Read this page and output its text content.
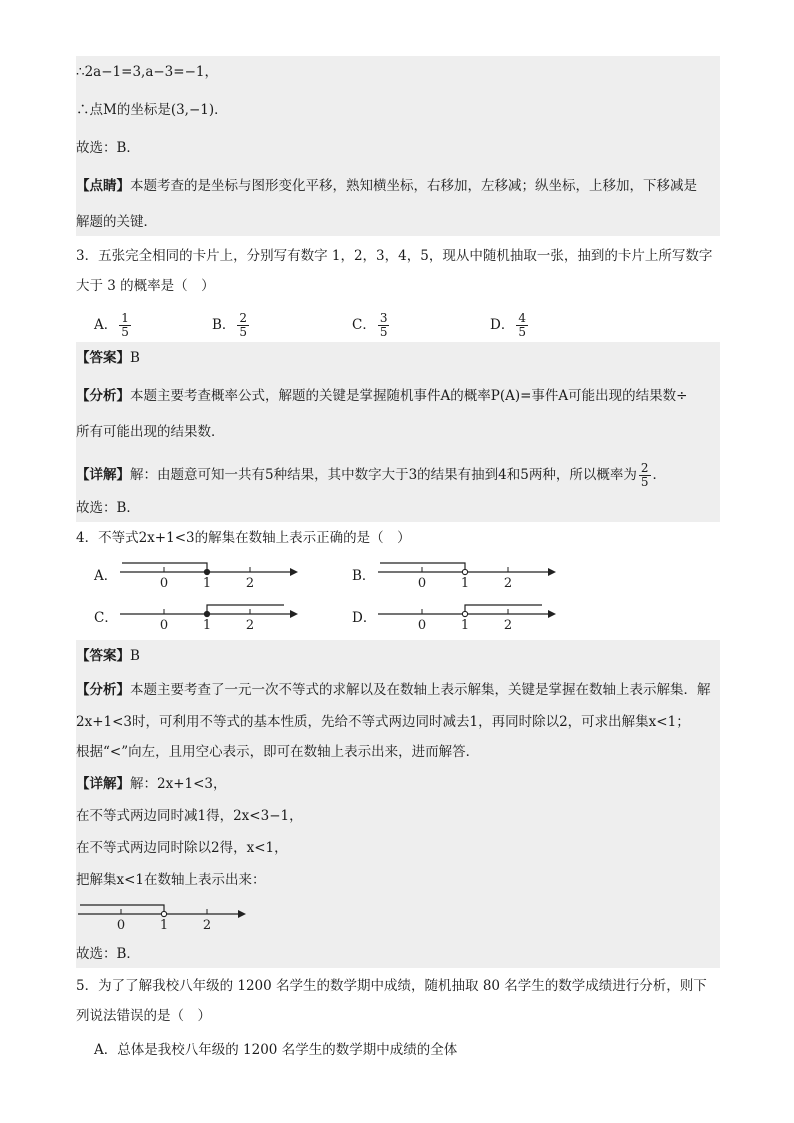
∴2a−1=3,a−3=−1，
∴点M的坐标是(3,−1)．
故选：B．
【点睛】本题考查的是坐标与图形变化平移，熟知横坐标，右移加，左移减；纵坐标，上移加，下移减是
解题的关键．
3．五张完全相同的卡片上，分别写有数字 1，2，3，4，5，现从中随机抽取一张，抽到的卡片上所写数字
大于 3 的概率是（　）
A． $\frac{1}{5}$	B． $\frac{2}{5}$	C． $\frac{3}{5}$	D． $\frac{4}{5}$
【答案】B
【分析】本题主要考查概率公式，解题的关键是掌握随机事件A的概率P(A)=事件A可能出现的结果数÷
所有可能出现的结果数．
【详解】解：由题意可知一共有5种结果，其中数字大于3的结果有抽到4和5两种，所以概率为 $\frac{2}{5}$ ．
故选：B．
4．不等式2x+1<3的解集在数轴上表示正确的是（　）
A．	0	1	2	B．	0	1	2
C．	0	1	2	D．	0	1	2
【答案】B
【分析】本题主要考查了一元一次不等式的求解以及在数轴上表示解集，关键是掌握在数轴上表示解集．解
2x+1<3时，可利用不等式的基本性质，先给不等式两边同时减去1，再同时除以2，可求出解集x<1；
根据“<”向左，且用空心表示，即可在数轴上表示出来，进而解答．
【详解】解：2x+1<3，
在不等式两边同时减1得，2x<3−1，
在不等式两边同时除以2得，x<1，
把解集x<1在数轴上表示出来：
0	1	2
故选：B．
5．为了了解我校八年级的 1200 名学生的数学期中成绩，随机抽取 80 名学生的数学成绩进行分析，则下
列说法错误的是（　）
A．总体是我校八年级的 1200 名学生的数学期中成绩的全体
